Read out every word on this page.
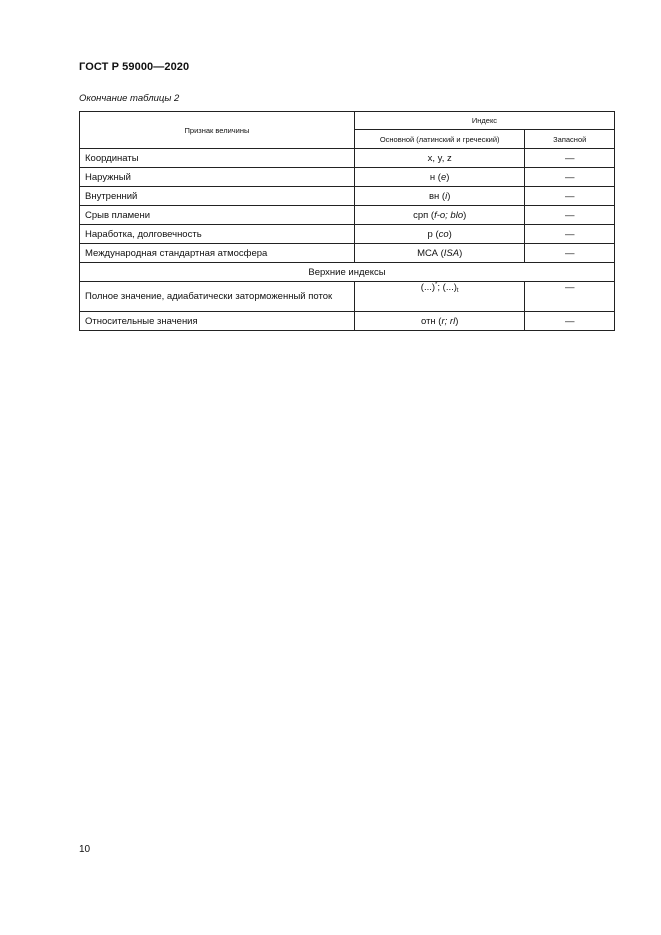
ГОСТ Р 59000—2020
Окончание таблицы 2
Признак величины	Индекс	
	Основной (латинский и греческий)	Запасной
Координаты	x, y, z	—
Наружный	н (е)	—
Внутренний	вн (i)	—
Срыв пламени	срп (f-o; blo)	—
Наработка, долговечность	р (со)	—
Международная стандартная атмосфера	МСА (ISA)	—
Верхние индексы		
Полное значение, адиабатически заторможенный поток	(...)*; $(...)_t$	—
Относительные значения	отн (r; rl)	—
10
